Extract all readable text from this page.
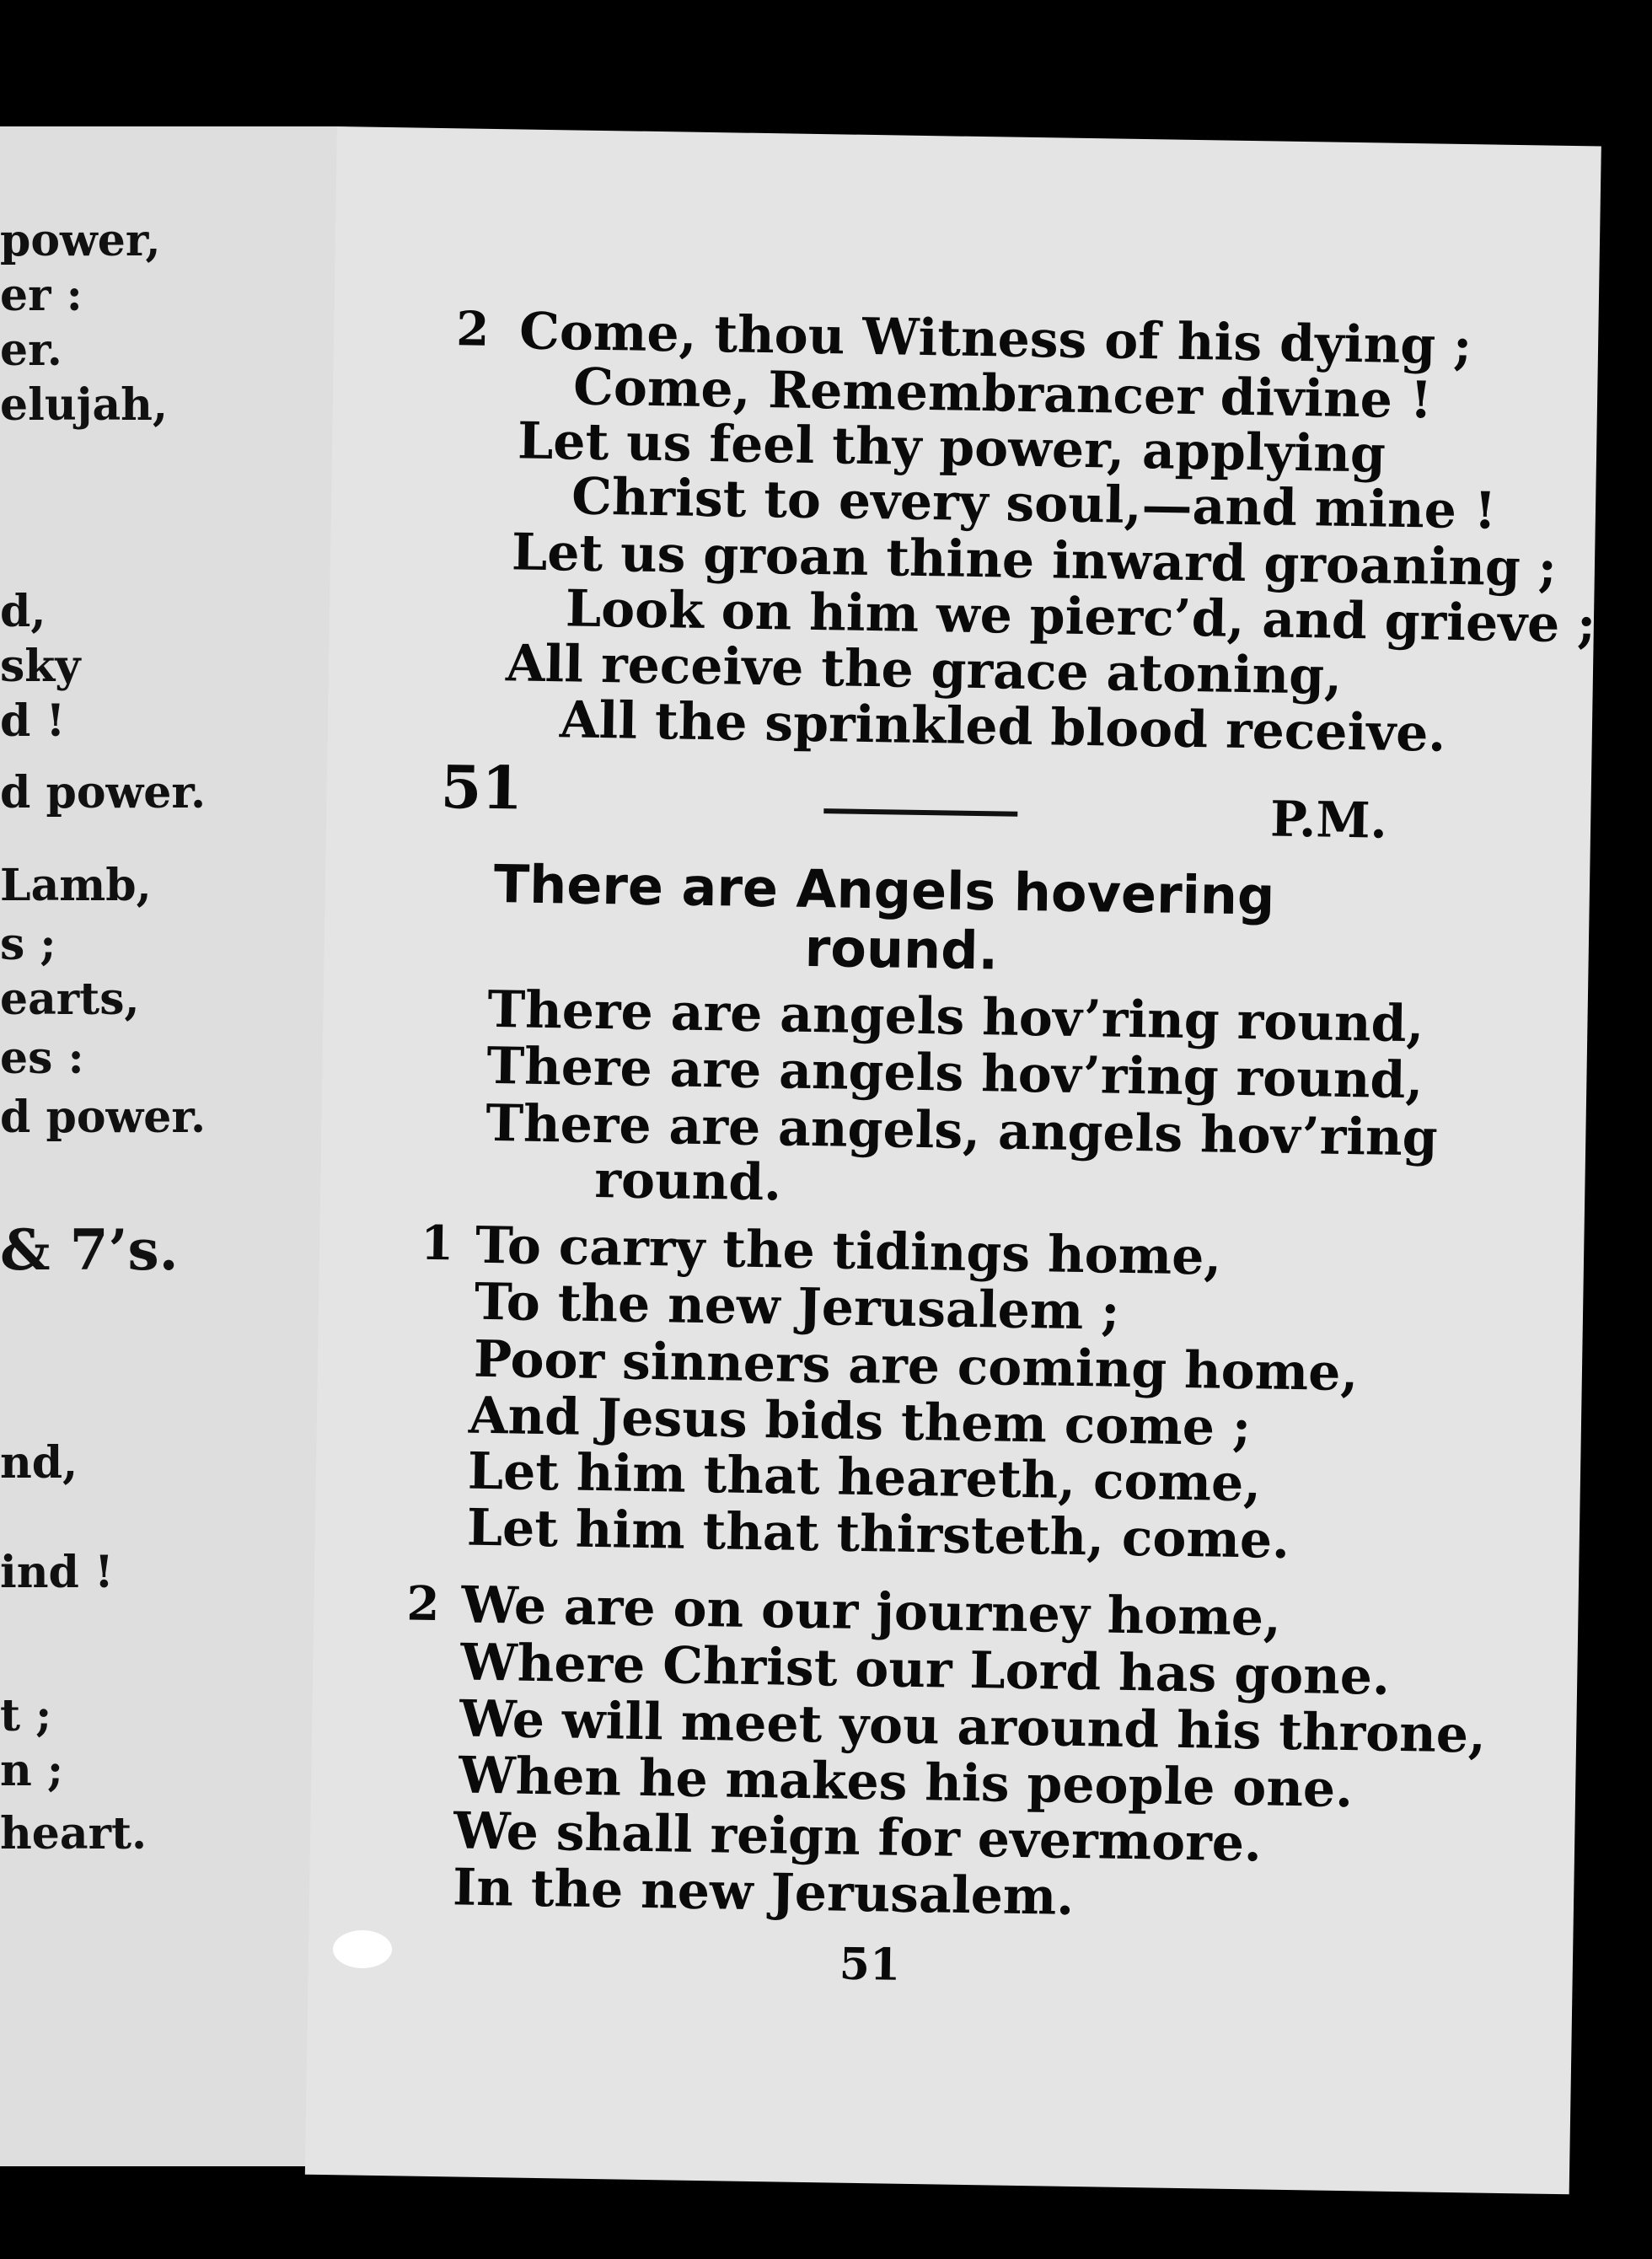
power,
er :
er.
elujah,
d,
sky
d !
d power.
Lamb,
s ;
earts,
es :
d power.
& 7’s.
nd,
ind !
t ;
n ;
heart.
2 Come, thou Witness of his dying ;
Come, Remembrancer divine !
Let us feel thy power, applying
Christ to every soul,—and mine !
Let us groan thine inward groaning ;
Look on him we pierc’d, and grieve ;
All receive the grace atoning,
All the sprinkled blood receive.
51	P.M.
There are Angels hovering
round.
There are angels hov’ring round,
There are angels hov’ring round,
There are angels, angels hov’ring
round.
1 To carry the tidings home,
To the new Jerusalem ;
Poor sinners are coming home,
And Jesus bids them come ;
Let him that heareth, come,
Let him that thirsteth, come.
2 We are on our journey home,
Where Christ our Lord has gone.
We will meet you around his throne,
When he makes his people one.
We shall reign for evermore.
In the new Jerusalem.
51
